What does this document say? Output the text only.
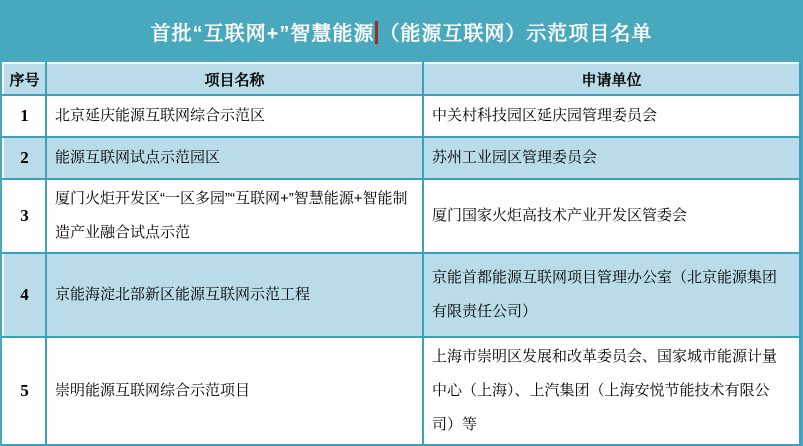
首批“互联网+”智慧能源 （能源互联网）示范项目名单
序号	项目名称	申请单位
1	北京延庆能源互联网综合示范区	中关村科技园区延庆园管理委员会
2	能源互联网试点示范园区	苏州工业园区管理委员会
3	厦门火炬开发区“一区多园”“互联网+”智慧能源+智能制造产业融合试点示范	厦门国家火炬高技术产业开发区管委会
4	京能海淀北部新区能源互联网示范工程	京能首都能源互联网项目管理办公室（北京能源集团有限责任公司）
5	崇明能源互联网综合示范项目	上海市崇明区发展和改革委员会、国家城市能源计量中心（上海）、上汽集团（上海安悦节能技术有限公司）等
